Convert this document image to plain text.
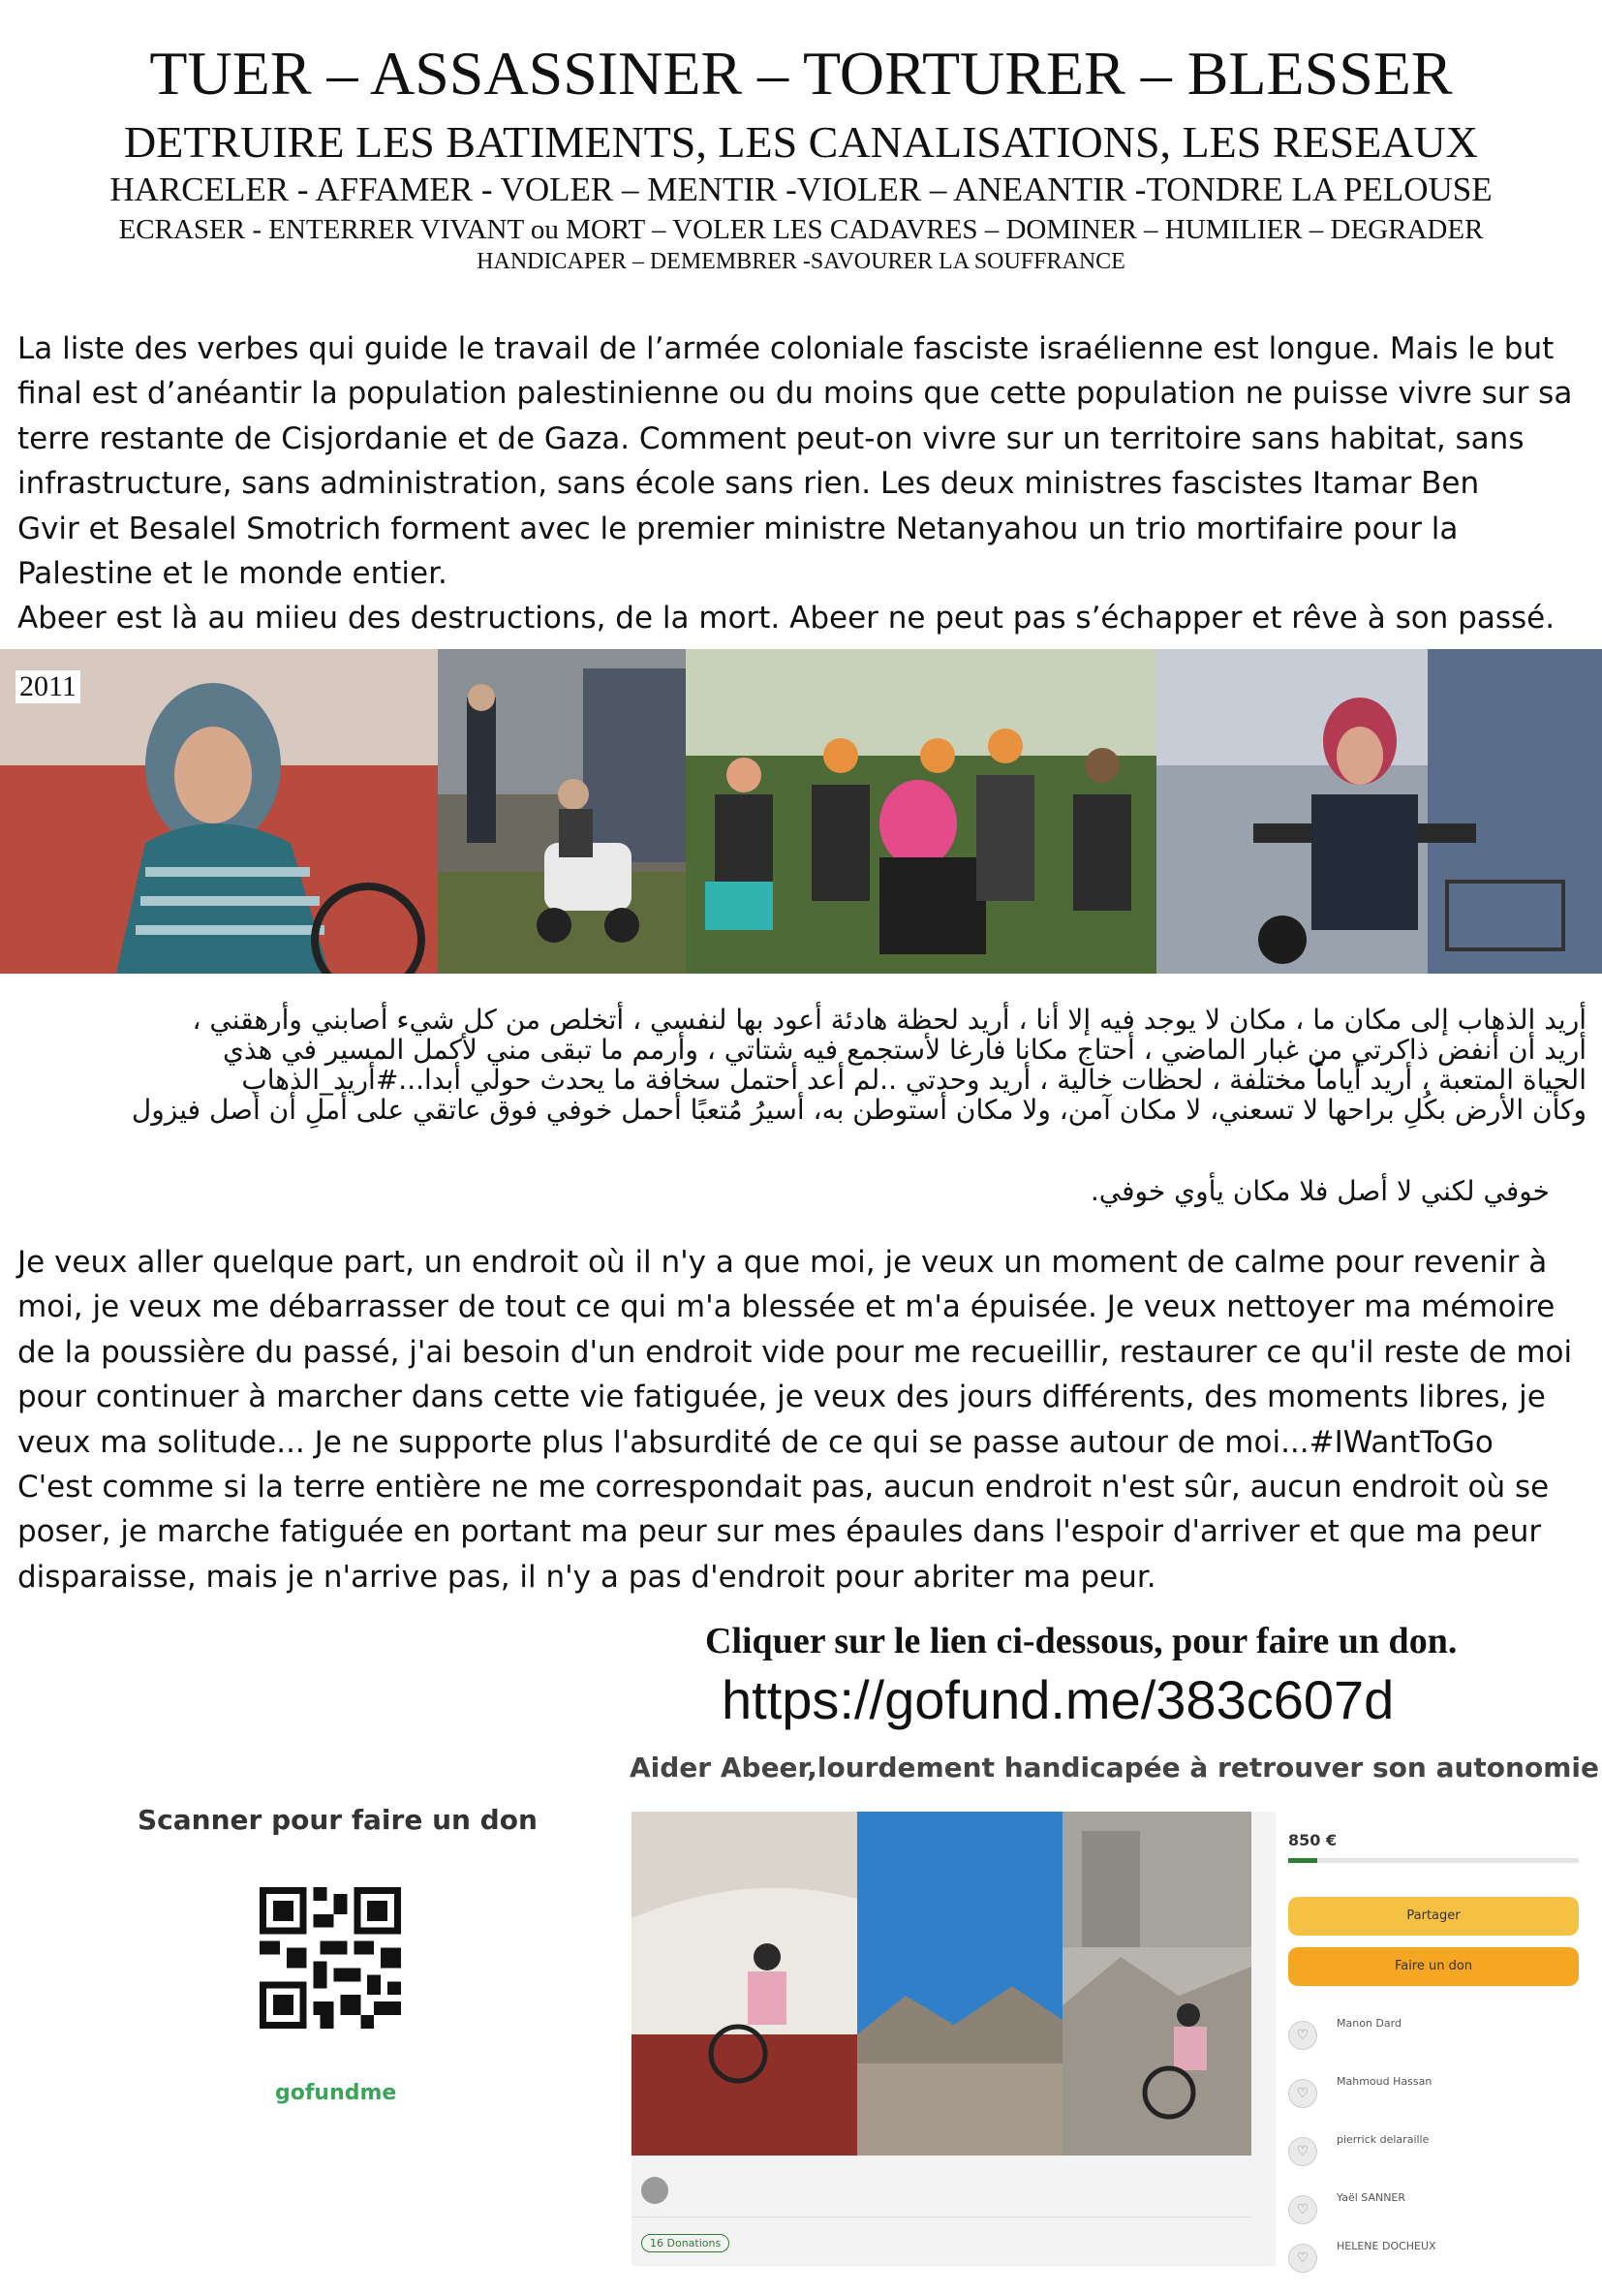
TUER – ASSASSINER – TORTURER – BLESSER
DETRUIRE LES BATIMENTS, LES CANALISATIONS, LES RESEAUX
HARCELER - AFFAMER - VOLER – MENTIR -VIOLER – ANEANTIR -TONDRE LA PELOUSE
ECRASER - ENTERRER VIVANT ou MORT – VOLER LES CADAVRES – DOMINER – HUMILIER – DEGRADER
HANDICAPER – DEMEMBRER -SAVOURER LA SOUFFRANCE
La liste des verbes qui guide le travail de l’armée coloniale fasciste israélienne est longue. Mais le but
final est d’anéantir la population palestinienne ou du moins que cette population ne puisse vivre sur sa
terre restante de Cisjordanie et de Gaza. Comment peut-on vivre sur un territoire sans habitat, sans
infrastructure, sans administration, sans école sans rien. Les deux ministres fascistes Itamar Ben
Gvir et Besalel Smotrich forment avec le premier ministre Netanyahou un trio mortifaire pour la
Palestine et le monde entier.
Abeer est là au miieu des destructions, de la mort. Abeer ne peut pas s’échapper et rêve à son passé.
2011
أريد الذهاب إلى مكان ما ، مكان لا يوجد فيه إلا أنا ، أريد لحظة هادئة أعود بها لنفسي ، أتخلص من كل شيء أصابني وأرهقني ،
أريد أن أنفض ذاكرتي من غبار الماضي ، أحتاج مكانا فارغا لأستجمع فيه شتاتي ، وأرمم ما تبقى مني لأكمل المسير في هذي
الحياة المتعبة ، أريد أياماً مختلفة ، لحظات خالية ، أريد وحدتي ..لم أعد أحتمل سخافة ما يحدث حولي أبدا...#أريد_الذهاب
وكأن الأرض بكُلِ براحها لا تسعني، لا مكان آمن، ولا مكان أستوطن به، أسيرُ مُتعبًا أحمل خوفي فوق عاتقي على أملِ أن أصل فيزول
خوفي لكني لا أصل فلا مكان يأوي خوفي.
Je veux aller quelque part, un endroit où il n'y a que moi, je veux un moment de calme pour revenir à
moi, je veux me débarrasser de tout ce qui m'a blessée et m'a épuisée. Je veux nettoyer ma mémoire
de la poussière du passé, j'ai besoin d'un endroit vide pour me recueillir, restaurer ce qu'il reste de moi
pour continuer à marcher dans cette vie fatiguée, je veux des jours différents, des moments libres, je
veux ma solitude... Je ne supporte plus l'absurdité de ce qui se passe autour de moi...#IWantToGo
C'est comme si la terre entière ne me correspondait pas, aucun endroit n'est sûr, aucun endroit où se
poser, je marche fatiguée en portant ma peur sur mes épaules dans l'espoir d'arriver et que ma peur
disparaisse, mais je n'arrive pas, il n'y a pas d'endroit pour abriter ma peur.
Cliquer sur le lien ci-dessous, pour faire un don.
https://gofund.me/383c607d
Aider Abeer,lourdement handicapée à retrouver son autonomie
Scanner pour faire un don
gofundme
850 €
Partager
Faire un don
♡
Manon Dard
♡
Mahmoud Hassan
♡
pierrick delaraille
♡
Yaël SANNER
♡
HELENE DOCHEUX
16 Donations
